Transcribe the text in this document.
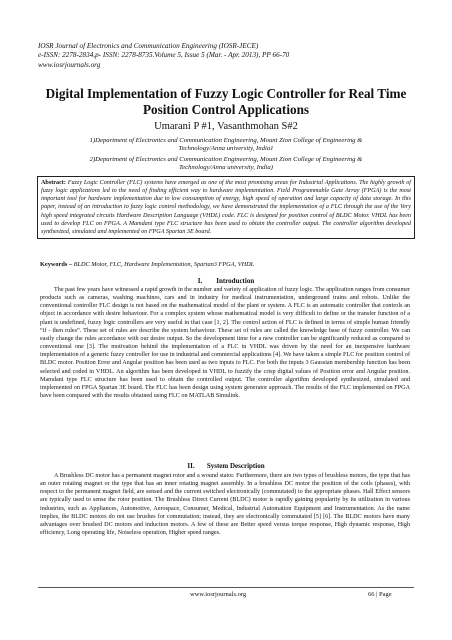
IOSR Journal of Electronics and Communication Engineering (IOSR-JECE)
e-ISSN: 2278-2834,p- ISSN: 2278-8735.Volume 5, Issue 5 (Mar. - Apr. 2013), PP 66-70
www.iosrjournals.org
Digital Implementation of Fuzzy Logic Controller for Real Time
Position Control Applications
Umarani P #1, Vasanthmohan S#2
1)Department of Electronics and Communication Engineering, Mount Zion College of Engineering &
Technology/Anna university, India1
2)Department of Electronics and Communication Engineering, Mount Zion College of Engineering &
Technology/Anna university, India)
Abstract: Fuzzy Logic Controller (FLC) systems have emerged as one of the most promising areas for Industrial Applications. The highly growth of fuzzy logic applications led to the need of finding efficient way to hardware implementation. Field Programmable Gate Array (FPGA) is the most important tool for hardware implementation due to low consumption of energy, high speed of operation and large capacity of data storage. In this paper, instead of an introduction to fuzzy logic control methodology, we have demonstrated the implementation of a FLC through the use of the Very high speed integrated circuits Hardware Description Language (VHDL) code. FLC is designed for position control of BLDC Motor. VHDL has been used to develop FLC on FPGA. A Mamdani type FLC structure has been used to obtain the controller output. The controller algorithm developed synthesized, simulated and implemented on FPGA Spartan 3E board.
Keywords – BLDC Motor, FLC, Hardware Implementation, Spartan3 FPGA, VHDL
I.        Introduction
The past few years have witnessed a rapid growth in the number and variety of application of fuzzy logic. The application ranges from consumer products such as cameras, washing machines, cars and in industry for medical instrumentation, underground trains and robots. Unlike the conventional controller FLC design is not based on the mathematical model of the plant or system. A FLC is an automatic controller that controls an object in accordance with desire behaviour. For a complex system whose mathematical model is very difficult to define or the transfer function of a plant is undefined, fuzzy logic controllers are very useful in that case [1, 2]. The control action of FLC is defined in terms of simple human friendly “if - then rules”. These set of rules are describe the system behaviour. These set of rules are called the knowledge base of fuzzy controller. We can easily change the rules accordance with our desire output. So the development time for a new controller can be significantly reduced as compared to conventional one [3]. The motivation behind the implementation of a FLC in VHDL was driven by the need for an inexpensive hardware implementation of a generic fuzzy controller for use in industrial and commercial applications [4]. We have taken a simple FLC for position control of BLDC motor. Position Error and Angular position has been used as two inputs to FLC. For both the inputs 3 Gaussian membership function has been selected and coded in VHDL. An algorithm has been developed in VHDL to fuzzify the crisp digital values of Position error and Angular position. Mamdani type FLC structure has been used to obtain the controlled output. The controller algorithm developed synthesized, simulated and implemented on FPGA Spartan 3E board. The FLC has been design using system generator approach. The results of the FLC implemented on FPGA have been compared with the results obtained using FLC on MATLAB Simulink.
II.       System Description
A Brushless DC motor has a permanent magnet rotor and a wound stator. Furthermore, there are two types of brushless motors, the type that has an outer rotating magnet or the type that has an inner rotating magnet assembly. In a brushless DC motor the position of the coils (phases), with respect to the permanent magnet field, are sensed and the current switched electronically (commutated) to the appropriate phases. Hall Effect sensors are typically used to sense the rotor position. The Brushless Direct Current (BLDC) motor is rapidly gaining popularity by its utilization in various industries, such as Appliances, Automotive, Aerospace, Consumer, Medical, Industrial Automation Equipment and Instrumentation. As the name implies, the BLDC motors do not use brushes for commutation; instead, they are electronically commutated [5] [6]. The BLDC motors have many advantages over brushed DC motors and induction motors. A few of these are Better speed versus torque response, High dynamic response, High efficiency, Long operating life, Noiseless operation, Higher speed ranges.
www.iosrjournals.org	66 | Page
